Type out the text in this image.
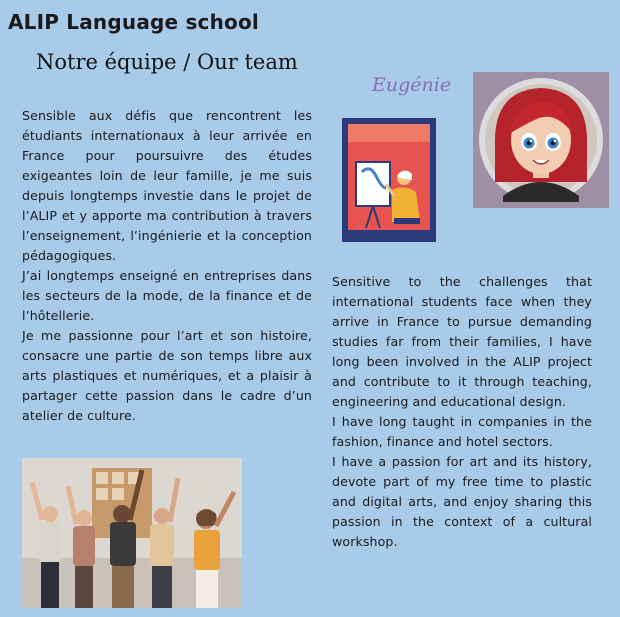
ALIP Language school
Notre équipe / Our team

Sensible aux défis que rencontrent les étudiants internationaux à leur arrivée en France pour poursuivre des études exigeantes loin de leur famille, je me suis depuis longtemps investie dans le projet de l’ALIP et y apporte ma contribution à travers l’enseignement, l’ingénierie et la conception pédagogiques.

J’ai longtemps enseigné en entreprises dans les secteurs de la mode, de la finance et de l’hôtellerie.

Je me passionne pour l’art et son histoire, consacre une partie de son temps libre aux arts plastiques et numériques, et a plaisir à partager cette passion dans le cadre d’un atelier de culture.

Eugénie

Sensitive to the challenges that international students face when they arrive in France to pursue demanding studies far from their families, I have long been involved in the ALIP project and contribute to it through teaching, engineering and educational design.

I have long taught in companies in the fashion, finance and hotel sectors.

I have a passion for art and its history, devote part of my free time to plastic and digital arts, and enjoy sharing this passion in the context of a cultural workshop.
